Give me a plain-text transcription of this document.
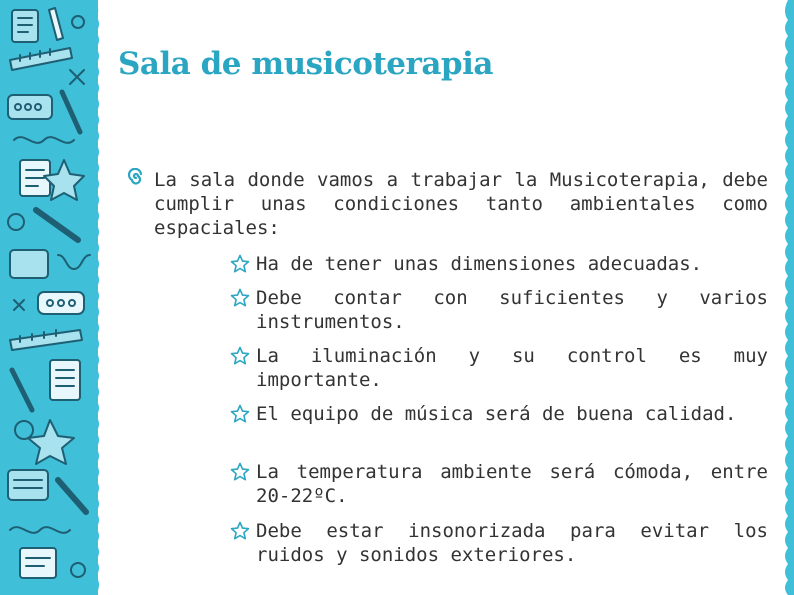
Sala de musicoterapia
La sala donde vamos a trabajar la Musicoterapia, debe cumplir unas condiciones tanto ambientales como espaciales:
Ha de tener unas dimensiones adecuadas.
Debe contar con suficientes y varios instrumentos.
La iluminación y su control es muy importante.
El equipo de música será de buena calidad.
La temperatura ambiente será cómoda, entre 20-22ºC.
Debe estar insonorizada para evitar los ruidos y sonidos exteriores.
